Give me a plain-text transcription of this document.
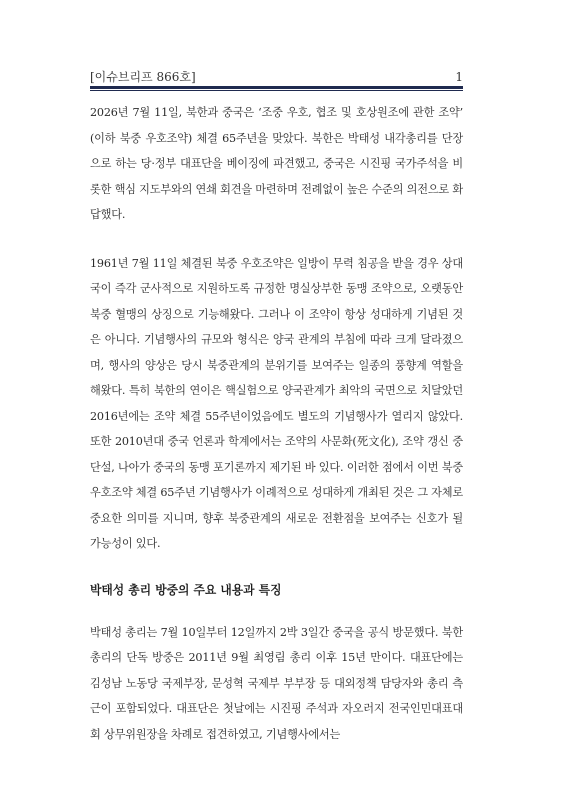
[이슈브리프 866호]	1

2026년 7월 11일, 북한과 중국은 ‘조중 우호, 협조 및 호상원조에 관한 조약’ (이하 북중 우호조약) 체결 65주년을 맞았다. 북한은 박태성 내각총리를 단장으로 하는 당·정부 대표단을 베이징에 파견했고, 중국은 시진핑 국가주석을 비롯한 핵심 지도부와의 연쇄 회견을 마련하며 전례없이 높은 수준의 의전으로 화답했다.

1961년 7월 11일 체결된 북중 우호조약은 일방이 무력 침공을 받을 경우 상대국이 즉각 군사적으로 지원하도록 규정한 명실상부한 동맹 조약으로, 오랫동안 북중 혈맹의 상징으로 기능해왔다. 그러나 이 조약이 항상 성대하게 기념된 것은 아니다. 기념행사의 규모와 형식은 양국 관계의 부침에 따라 크게 달라졌으며, 행사의 양상은 당시 북중관계의 분위기를 보여주는 일종의 풍향계 역할을 해왔다. 특히 북한의 연이은 핵실험으로 양국관계가 최악의 국면으로 치달았던 2016년에는 조약 체결 55주년이었음에도 별도의 기념행사가 열리지 않았다. 또한 2010년대 중국 언론과 학계에서는 조약의 사문화(死文化), 조약 갱신 중단설, 나아가 중국의 동맹 포기론까지 제기된 바 있다. 이러한 점에서 이번 북중 우호조약 체결 65주년 기념행사가 이례적으로 성대하게 개최된 것은 그 자체로 중요한 의미를 지니며, 향후 북중관계의 새로운 전환점을 보여주는 신호가 될 가능성이 있다.

박태성 총리 방중의 주요 내용과 특징

박태성 총리는 7월 10일부터 12일까지 2박 3일간 중국을 공식 방문했다. 북한 총리의 단독 방중은 2011년 9월 최영림 총리 이후 15년 만이다. 대표단에는 김성남 노동당 국제부장, 문성혁 국제부 부부장 등 대외정책 담당자와 총리 측근이 포함되었다. 대표단은 첫날에는 시진핑 주석과 자오러지 전국인민대표대회 상무위원장을 차례로 접견하였고, 기념행사에서는
